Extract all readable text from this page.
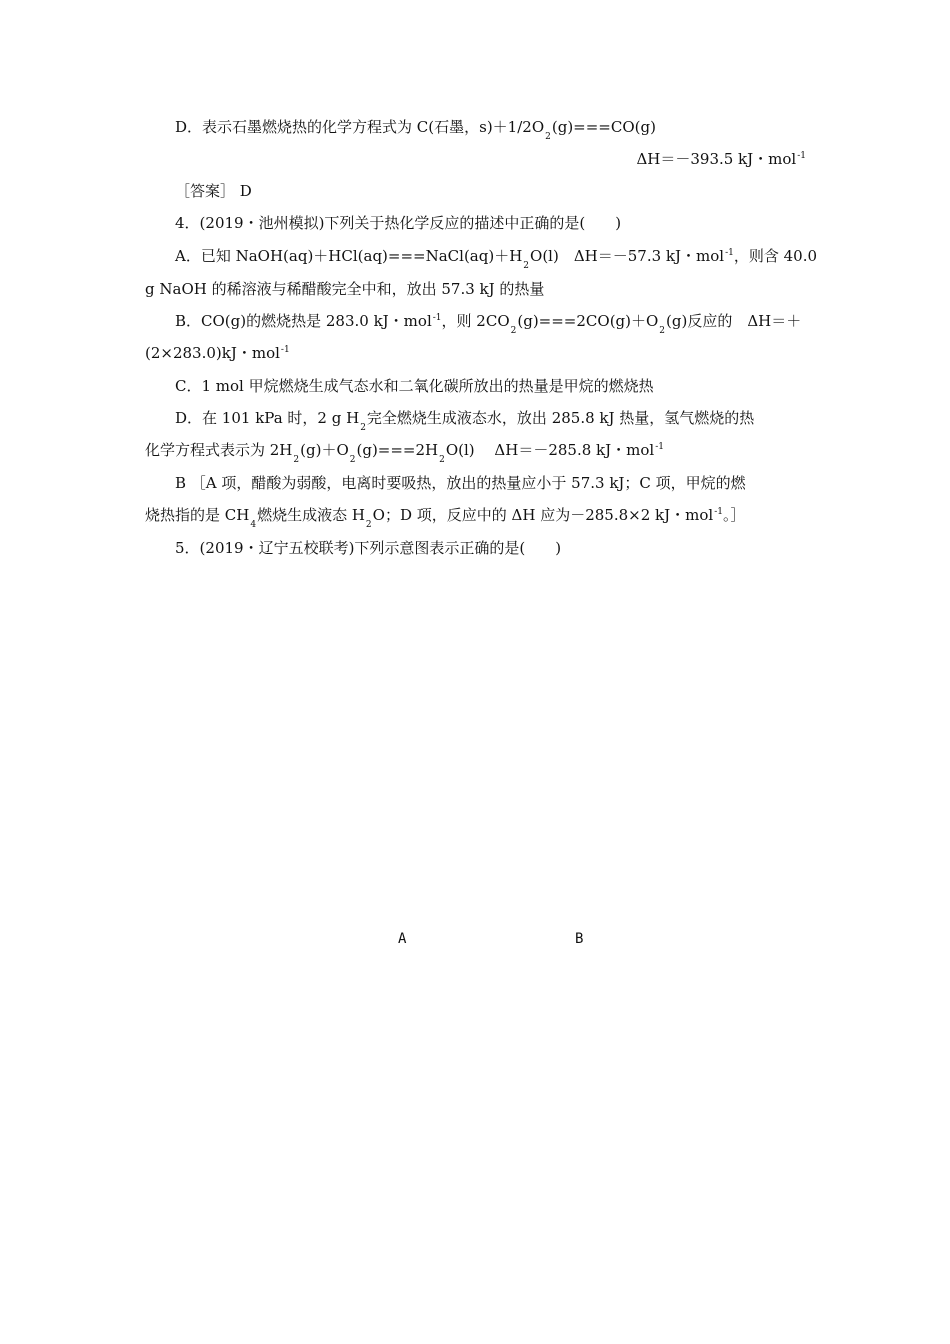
D．表示石墨燃烧热的化学方程式为 C(石墨，$s)+1/2O_2(g)===CO(g)$
ΔH＝－393.5 kJ・mol$^{-1}$
［答案］ D
4．(2019・池州模拟)下列关于热化学反应的描述中正确的是(　　)
A．已知 $NaOH(aq)+HCl(aq)===NaCl(aq)+H_2O(l)$　ΔH＝－57.3 kJ・mol$^{-1}$，则含 40.0
g NaOH 的稀溶液与稀醋酸完全中和，放出 57.3 kJ 的热量
B．CO(g)的燃烧热是 283.0 kJ・mol$^{-1}$，则 $2CO_2(g)===2CO(g)+O_2(g)$反应的　ΔH＝＋
(2×283.0)kJ・mol$^{-1}$
C．1 mol 甲烷燃烧生成气态水和二氧化碳所放出的热量是甲烷的燃烧热
D．在 101 kPa 时，2 g $H_2$完全燃烧生成液态水，放出 285.8 kJ 热量，氢气燃烧的热
化学方程式表示为 $2H_2(g)+O_2(g)===2H_2O(l)$　 ΔH＝－285.8 kJ・mol$^{-1}$
B ［A 项，醋酸为弱酸，电离时要吸热，放出的热量应小于 57.3 kJ；C 项，甲烷的燃
烧热指的是 $CH_4$燃烧生成液态 $H_2O$；D 项，反应中的 ΔH 应为－285.8×2 kJ・mol$^{-1}$。］
5．(2019・辽宁五校联考)下列示意图表示正确的是(　　)
A	B
